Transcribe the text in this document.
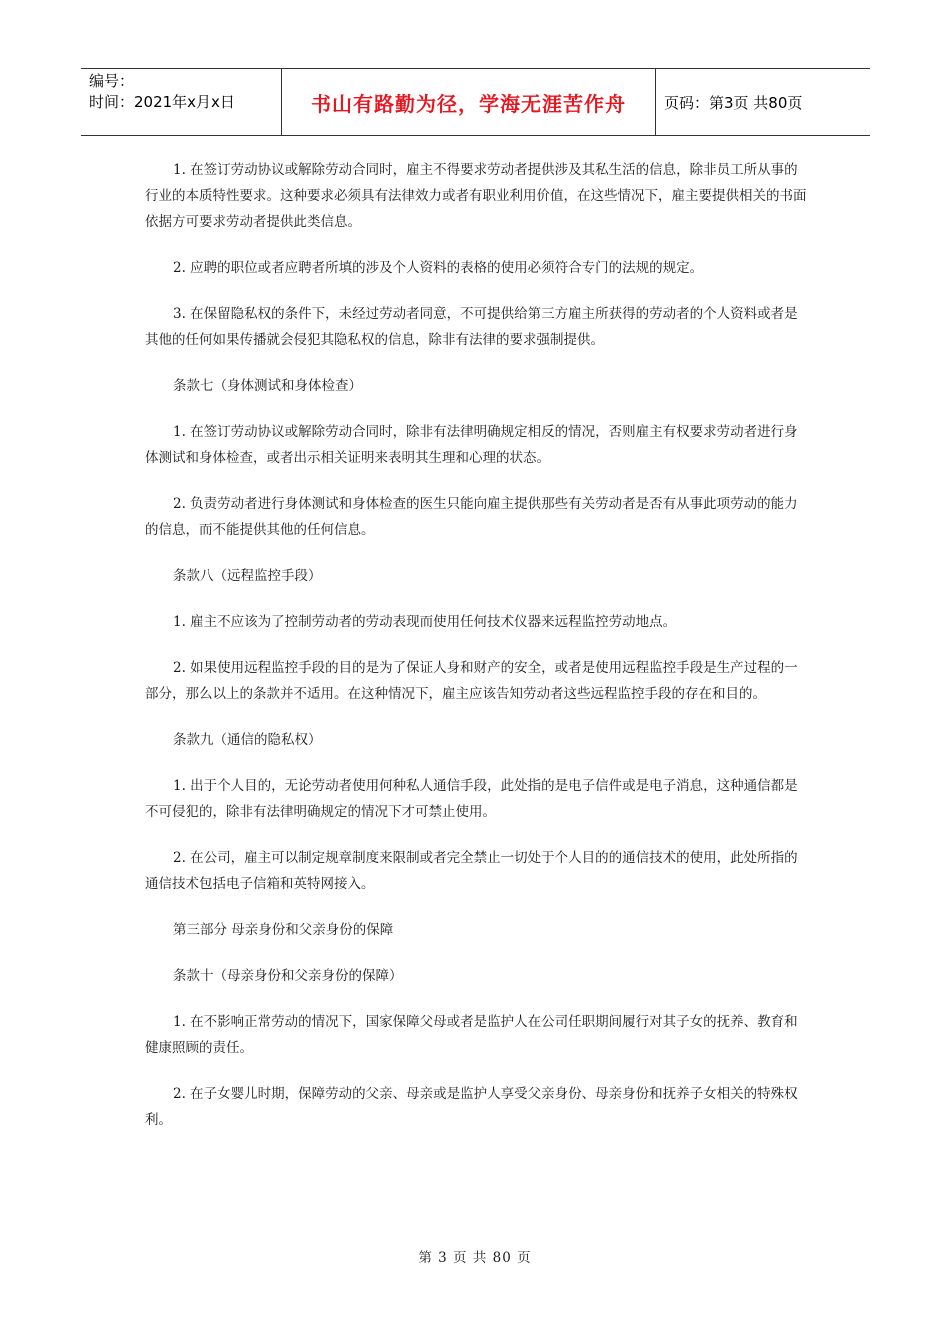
编号：
时间：2021年x月x日	书山有路勤为径，学海无涯苦作舟	页码：第3页 共80页

1. 在签订劳动协议或解除劳动合同时，雇主不得要求劳动者提供涉及其私生活的信息，除非员工所从事的行业的本质特性要求。这种要求必须具有法律效力或者有职业利用价值，在这些情况下，雇主要提供相关的书面依据方可要求劳动者提供此类信息。

2. 应聘的职位或者应聘者所填的涉及个人资料的表格的使用必须符合专门的法规的规定。

3. 在保留隐私权的条件下，未经过劳动者同意，不可提供给第三方雇主所获得的劳动者的个人资料或者是其他的任何如果传播就会侵犯其隐私权的信息，除非有法律的要求强制提供。

条款七（身体测试和身体检查）

1. 在签订劳动协议或解除劳动合同时，除非有法律明确规定相反的情况，否则雇主有权要求劳动者进行身体测试和身体检查，或者出示相关证明来表明其生理和心理的状态。

2. 负责劳动者进行身体测试和身体检查的医生只能向雇主提供那些有关劳动者是否有从事此项劳动的能力的信息，而不能提供其他的任何信息。

条款八（远程监控手段）

1. 雇主不应该为了控制劳动者的劳动表现而使用任何技术仪器来远程监控劳动地点。

2. 如果使用远程监控手段的目的是为了保证人身和财产的安全，或者是使用远程监控手段是生产过程的一部分，那么以上的条款并不适用。在这种情况下，雇主应该告知劳动者这些远程监控手段的存在和目的。

条款九（通信的隐私权）

1. 出于个人目的，无论劳动者使用何种私人通信手段，此处指的是电子信件或是电子消息，这种通信都是不可侵犯的，除非有法律明确规定的情况下才可禁止使用。

2. 在公司，雇主可以制定规章制度来限制或者完全禁止一切处于个人目的的通信技术的使用，此处所指的通信技术包括电子信箱和英特网接入。

第三部分 母亲身份和父亲身份的保障

条款十（母亲身份和父亲身份的保障）

1. 在不影响正常劳动的情况下，国家保障父母或者是监护人在公司任职期间履行对其子女的抚养、教育和健康照顾的责任。

2. 在子女婴儿时期，保障劳动的父亲、母亲或是监护人享受父亲身份、母亲身份和抚养子女相关的特殊权利。

第 3 页 共 80 页
